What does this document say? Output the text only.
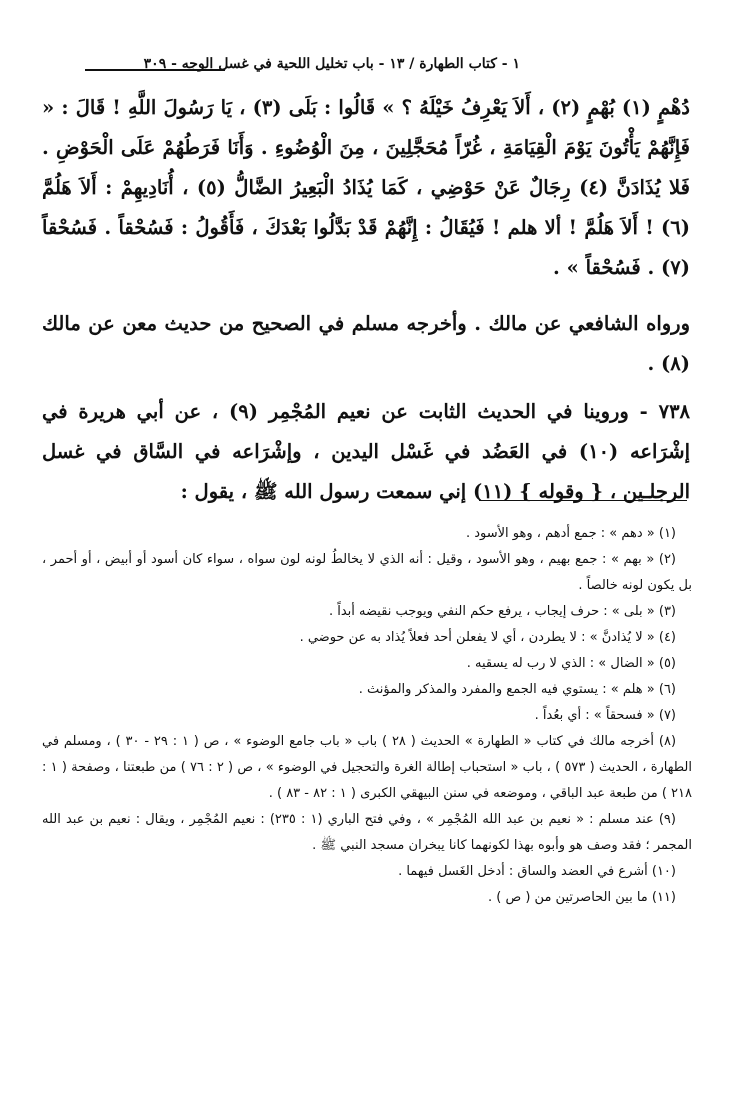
١ - كتاب الطهارة / ١٣ - باب تخليل اللحية في غسل الوجه - ٣٠٩

دُهْمٍ (١) بُهْمٍ (٢) ، أَلاَ يَعْرِفُ خَيْلَهُ ؟ » قَالُوا : بَلَى (٣) ، يَا رَسُولَ اللَّهِ ! قَالَ : « فَإِنَّهُمْ يَأْتُونَ يَوْمَ الْقِيَامَةِ ، غُرّاً مُحَجَّلِينَ ، مِنَ الْوُضُوءِ . وَأَنَا فَرَطُهُمْ عَلَى الْحَوْضِ . فَلا يُذَادَنَّ (٤) رِجَالٌ عَنْ حَوْضِي ، كَمَا يُذَادُ الْبَعِيرُ الضَّالُّ (٥) ، أُنَادِيهِمْ : أَلاَ هَلُمَّ (٦) ! أَلاَ هَلُمَّ ! ألا هلم ! فَيُقَالُ : إِنَّهُمْ قَدْ بَدَّلُوا بَعْدَكَ ، فَأَقُولُ : فَسُحْقاً . فَسُحْقاً (٧) . فَسُحْقاً » .

ورواه الشافعي عن مالك . وأخرجه مسلم في الصحيح من حديث معن عن مالك (٨) .

٧٣٨ - وروينا في الحديث الثابت عن نعيم المُجْمِر (٩) ، عن أبي هريرة في إشْرَاعه (١٠) في العَضُد في غَسْل اليدين ، وإشْرَاعه في السَّاق في غسل الرجلـين ، { وقوله } (١١) إني سمعت رسول الله ﷺ ، يقول :

(١) « دهم » : جمع أدهم ، وهو الأسود .

(٢) « بهم » : جمع بهيم ، وهو الأسود ، وقيل : أنه الذي لا يخالطُ لونه لون سواه ، سواء كان أسود أو أبيض ، أو أحمر ، بل يكون لونه خالصاً .

(٣) « بلى » : حرف إيجاب ، يرفع حكم النفي ويوجب نقيضه أبداً .

(٤) « لا يُذادنَّ » : لا يطردن ، أي لا يفعلن أحد فعلاً يُذاد به عن حوضي .

(٥) « الضال » : الذي لا رب له يسقيه .

(٦) « هلم » : يستوي فيه الجمع والمفرد والمذكر والمؤنث .

(٧) « فسحقاً » : أي بعُداً .

(٨) أخرجه مالك في كتاب « الطهارة » الحديث ( ٢٨ ) باب « باب جامع الوضوء » ، ص ( ١ : ٢٩ - ٣٠ ) ، ومسلم في الطهارة ، الحديث ( ٥٧٣ ) ، باب « استحباب إطالة الغرة والتحجيل في الوضوء » ، ص ( ٢ : ٧٦ ) من طبعتنا ، وصفحة ( ١ : ٢١٨ ) من طبعة عبد الباقي ، وموضعه في سنن البيهقي الكبرى ( ١ : ٨٢ - ٨٣ ) .

(٩) عند مسلم : « نعيم بن عبد الله المُجْمِر » ، وفي فتح الباري (١ : ٢٣٥) : نعيم المُجْمِر ، ويقال : نعيم بن عبد الله المجمر ؛ فقد وصف هو وأبوه بهذا لكونهما كانا يبخران مسجد النبي ﷺ .

(١٠) أشرع في العضد والساق : أدخل الغَسل فيهما .

(١١) ما بين الحاصرتين من ( ص ) .
